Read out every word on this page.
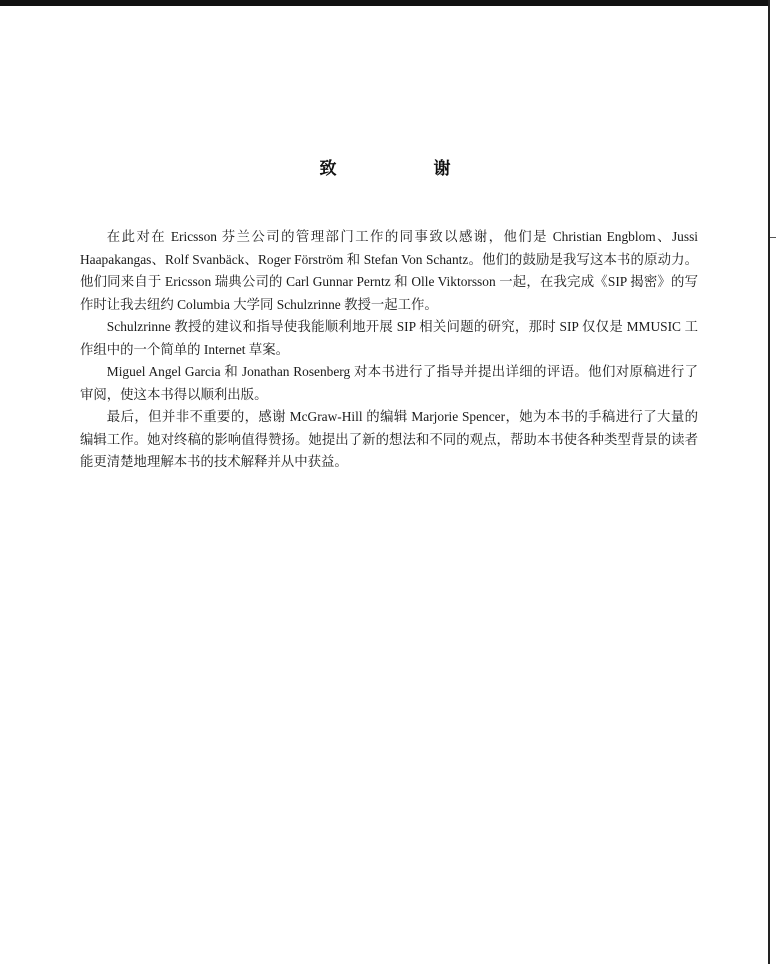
致　谢

在此对在 Ericsson 芬兰公司的管理部门工作的同事致以感谢，他们是 Christian Engblom、Jussi Haapakangas、Rolf Svanbäck、Roger Förström 和 Stefan Von Schantz。他们的鼓励是我写这本书的原动力。他们同来自于 Ericsson 瑞典公司的 Carl Gunnar Perntz 和 Olle Viktorsson 一起，在我完成《SIP 揭密》的写作时让我去纽约 Columbia 大学同 Schulzrinne 教授一起工作。

Schulzrinne 教授的建议和指导使我能顺利地开展 SIP 相关问题的研究，那时 SIP 仅仅是 MMUSIC 工作组中的一个简单的 Internet 草案。

Miguel Angel Garcia 和 Jonathan Rosenberg 对本书进行了指导并提出详细的评语。他们对原稿进行了审阅，使这本书得以顺利出版。

最后，但并非不重要的，感谢 McGraw-Hill 的编辑 Marjorie Spencer，她为本书的手稿进行了大量的编辑工作。她对终稿的影响值得赞扬。她提出了新的想法和不同的观点，帮助本书使各种类型背景的读者能更清楚地理解本书的技术解释并从中获益。
